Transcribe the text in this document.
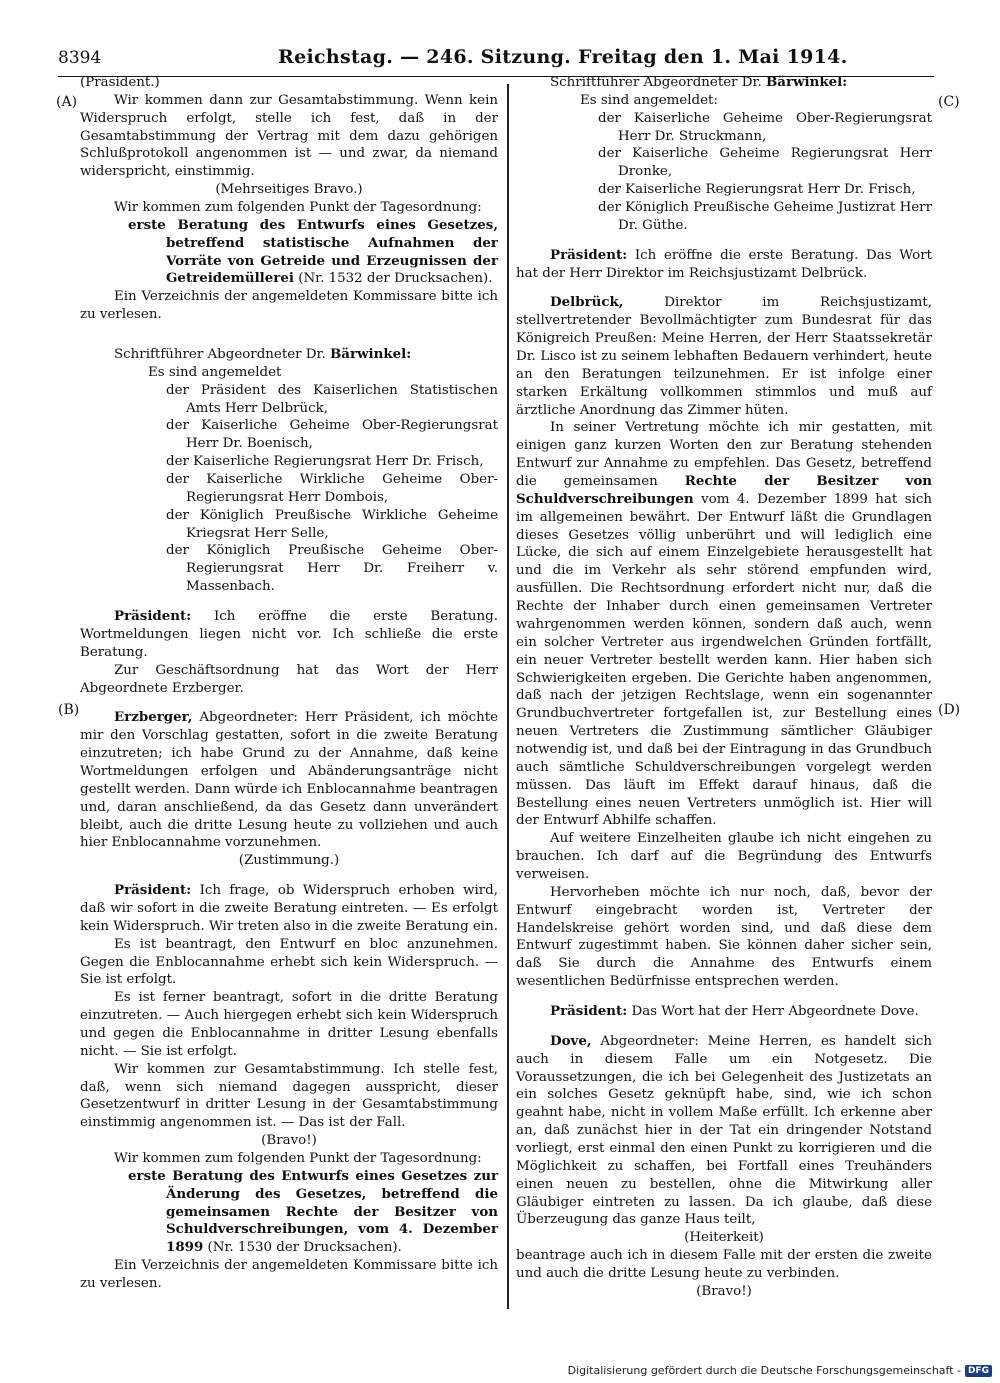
8394	Reichstag. — 246. Sitzung. Freitag den 1. Mai 1914.
(A)
(B)
(C)
(D)

(Präsident.)

Wir kommen dann zur Gesamtabstimmung. Wenn kein Widerspruch erfolgt, stelle ich fest, daß in der Gesamtabstimmung der Vertrag mit dem dazu gehörigen Schlußprotokoll angenommen ist — und zwar, da niemand widerspricht, einstimmig.

(Mehrseitiges Bravo.)

Wir kommen zum folgenden Punkt der Tagesordnung:

erste Beratung des Entwurfs eines Gesetzes, betreffend statistische Aufnahmen der Vorräte von Getreide und Erzeugnissen der Getreidemüllerei (Nr. 1532 der Drucksachen).

Ein Verzeichnis der angemeldeten Kommissare bitte ich zu verlesen.

Schriftführer Abgeordneter Dr. Bärwinkel:

Es sind angemeldet

der Präsident des Kaiserlichen Statistischen Amts Herr Delbrück,

der Kaiserliche Geheime Ober-Regierungsrat Herr Dr. Boenisch,

der Kaiserliche Regierungsrat Herr Dr. Frisch,

der Kaiserliche Wirkliche Geheime Ober-Regierungsrat Herr Dombois,

der Königlich Preußische Wirkliche Geheime Kriegsrat Herr Selle,

der Königlich Preußische Geheime Ober-Regierungsrat Herr Dr. Freiherr v. Massenbach.

Präsident: Ich eröffne die erste Beratung. Wortmeldungen liegen nicht vor. Ich schließe die erste Beratung.

Zur Geschäftsordnung hat das Wort der Herr Abgeordnete Erzberger.

Erzberger, Abgeordneter: Herr Präsident, ich möchte mir den Vorschlag gestatten, sofort in die zweite Beratung einzutreten; ich habe Grund zu der Annahme, daß keine Wortmeldungen erfolgen und Abänderungsanträge nicht gestellt werden. Dann würde ich Enblocannahme beantragen und, daran anschließend, da das Gesetz dann unverändert bleibt, auch die dritte Lesung heute zu vollziehen und auch hier Enblocannahme vorzunehmen.

(Zustimmung.)

Präsident: Ich frage, ob Widerspruch erhoben wird, daß wir sofort in die zweite Beratung eintreten. — Es erfolgt kein Widerspruch. Wir treten also in die zweite Beratung ein.

Es ist beantragt, den Entwurf en bloc anzunehmen. Gegen die Enblocannahme erhebt sich kein Widerspruch. — Sie ist erfolgt.

Es ist ferner beantragt, sofort in die dritte Beratung einzutreten. — Auch hiergegen erhebt sich kein Widerspruch und gegen die Enblocannahme in dritter Lesung ebenfalls nicht. — Sie ist erfolgt.

Wir kommen zur Gesamtabstimmung. Ich stelle fest, daß, wenn sich niemand dagegen ausspricht, dieser Gesetzentwurf in dritter Lesung in der Gesamtabstimmung einstimmig angenommen ist. — Das ist der Fall.

(Bravo!)

Wir kommen zum folgenden Punkt der Tagesordnung:

erste Beratung des Entwurfs eines Gesetzes zur Änderung des Gesetzes, betreffend die gemeinsamen Rechte der Besitzer von Schuldverschreibungen, vom 4. Dezember 1899 (Nr. 1530 der Drucksachen).

Ein Verzeichnis der angemeldeten Kommissare bitte ich zu verlesen.

Schriftführer Abgeordneter Dr. Bärwinkel:

Es sind angemeldet:

der Kaiserliche Geheime Ober-Regierungsrat Herr Dr. Struckmann,

der Kaiserliche Geheime Regierungsrat Herr Dronke,

der Kaiserliche Regierungsrat Herr Dr. Frisch,

der Königlich Preußische Geheime Justizrat Herr Dr. Güthe.

Präsident: Ich eröffne die erste Beratung. Das Wort hat der Herr Direktor im Reichsjustizamt Delbrück.

Delbrück,	Direktor im Reichsjustizamt, stellvertretender Bevollmächtigter zum Bundesrat für das Königreich Preußen: Meine Herren, der Herr Staatssekretär Dr. Lisco ist zu seinem lebhaften Bedauern verhindert, heute an den Beratungen teilzunehmen. Er ist infolge einer starken Erkältung vollkommen stimmlos und muß auf ärztliche Anordnung das Zimmer hüten.

In seiner Vertretung möchte ich mir gestatten, mit einigen ganz kurzen Worten den zur Beratung stehenden Entwurf zur Annahme zu empfehlen. Das Gesetz, betreffend die gemeinsamen Rechte der Besitzer von Schuldverschreibungen vom 4. Dezember 1899 hat sich im allgemeinen bewährt. Der Entwurf läßt die Grundlagen dieses Gesetzes völlig unberührt und will lediglich eine Lücke, die sich auf einem Einzelgebiete herausgestellt hat und die im Verkehr als sehr störend empfunden wird, ausfüllen. Die Rechtsordnung erfordert nicht nur, daß die Rechte der Inhaber durch einen gemeinsamen Vertreter wahrgenommen werden können, sondern daß auch, wenn ein solcher Vertreter aus irgendwelchen Gründen fortfällt, ein neuer Vertreter bestellt werden kann. Hier haben sich Schwierigkeiten ergeben. Die Gerichte haben angenommen, daß nach der jetzigen Rechtslage, wenn ein sogenannter Grundbuchvertreter fortgefallen ist, zur Bestellung eines neuen Vertreters die Zustimmung sämtlicher Gläubiger notwendig ist, und daß bei der Eintragung in das Grundbuch auch sämtliche Schuldverschreibungen vorgelegt werden müssen. Das läuft im Effekt darauf hinaus, daß die Bestellung eines neuen Vertreters unmöglich ist. Hier will der Entwurf Abhilfe schaffen.

Auf weitere Einzelheiten glaube ich nicht eingehen zu brauchen. Ich darf auf die Begründung des Entwurfs verweisen.

Hervorheben möchte ich nur noch, daß, bevor der Entwurf eingebracht worden ist, Vertreter der Handelskreise gehört worden sind, und daß diese dem Entwurf zugestimmt haben. Sie können daher sicher sein, daß Sie durch die Annahme des Entwurfs einem wesentlichen Bedürfnisse entsprechen werden.

Präsident: Das Wort hat der Herr Abgeordnete Dove.

Dove, Abgeordneter: Meine Herren, es handelt sich auch in diesem Falle um ein Notgesetz. Die Voraussetzungen, die ich bei Gelegenheit des Justizetats an ein solches Gesetz geknüpft habe, sind, wie ich schon geahnt habe, nicht in vollem Maße erfüllt. Ich erkenne aber an, daß zunächst hier in der Tat ein dringender Notstand vorliegt, erst einmal den einen Punkt zu korrigieren und die Möglichkeit zu schaffen, bei Fortfall eines Treuhänders einen neuen zu bestellen, ohne die Mitwirkung aller Gläubiger eintreten zu lassen. Da ich glaube, daß diese Überzeugung das ganze Haus teilt,

(Heiterkeit)

beantrage auch ich in diesem Falle mit der ersten die zweite und auch die dritte Lesung heute zu verbinden.

(Bravo!)

Digitalisierung gefördert durch die Deutsche Forschungsgemeinschaft - DFG
